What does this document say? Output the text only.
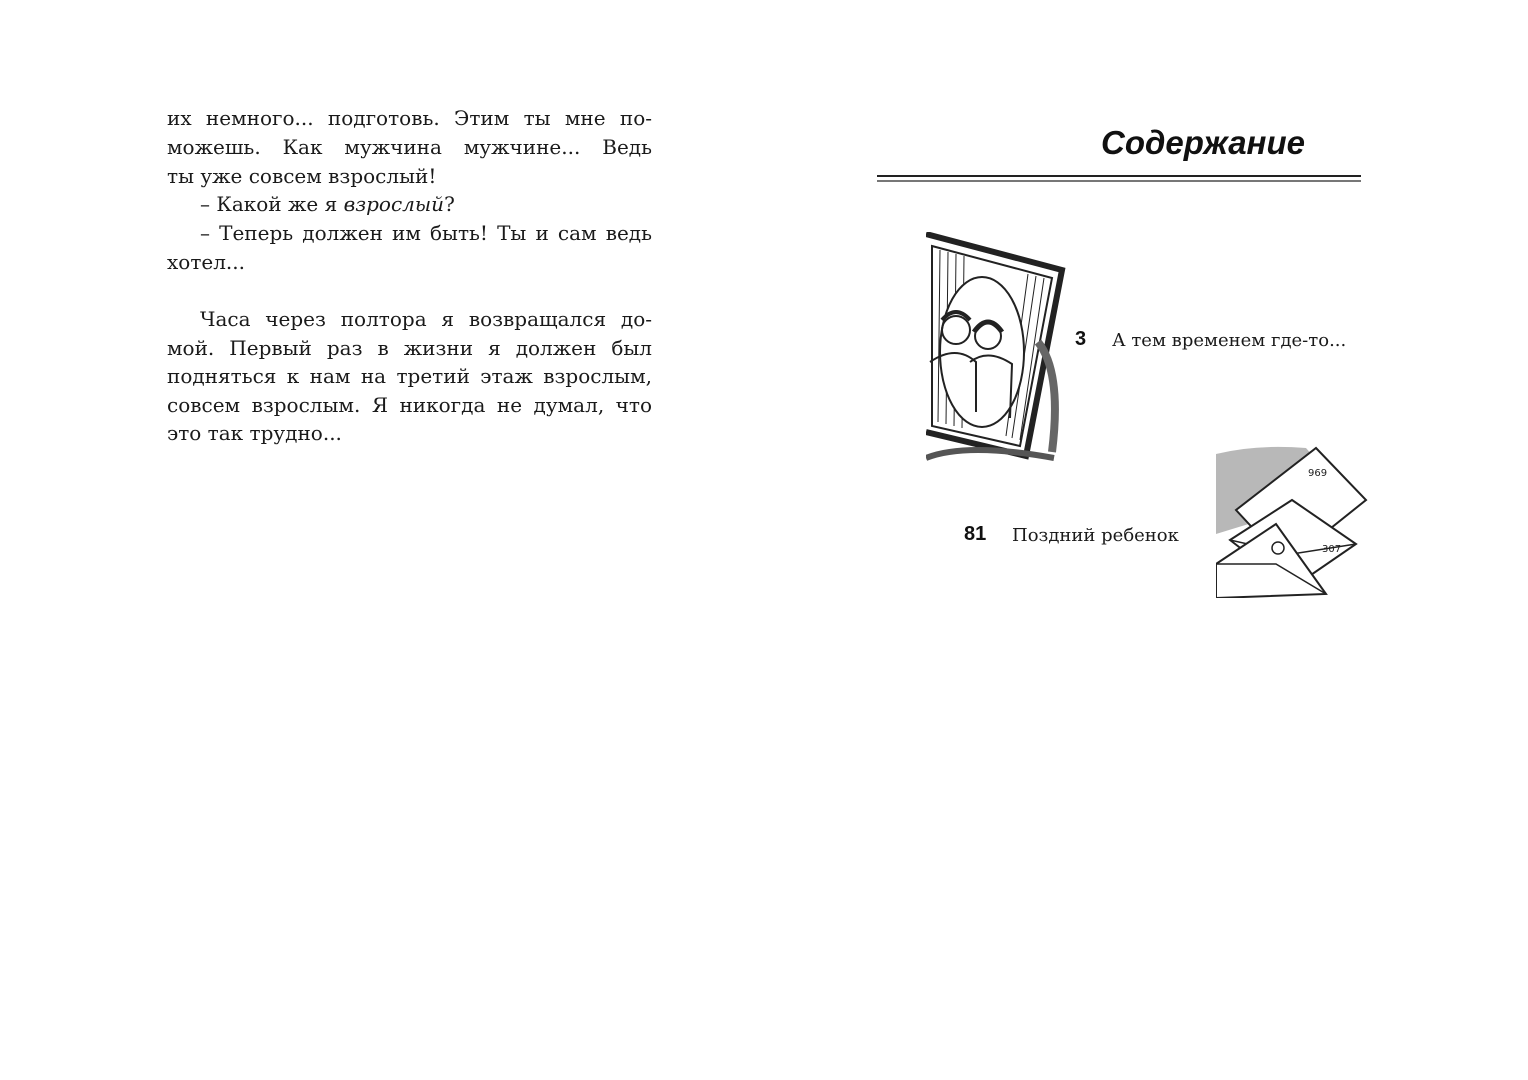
их немного... подготовь. Этим ты мне по-
можешь. Как мужчина мужчине... Ведь
ты уже совсем взрослый!
– Какой же я взрослый?
– Теперь должен им быть! Ты и сам ведь
хотел...
Часа через полтора я возвращался до-
мой. Первый раз в жизни я должен был
подняться к нам на третий этаж взрослым,
совсем взрослым. Я никогда не думал, что
это так трудно...
Содержание
3 А тем временем где-то...
969
307
81 Поздний ребенок
